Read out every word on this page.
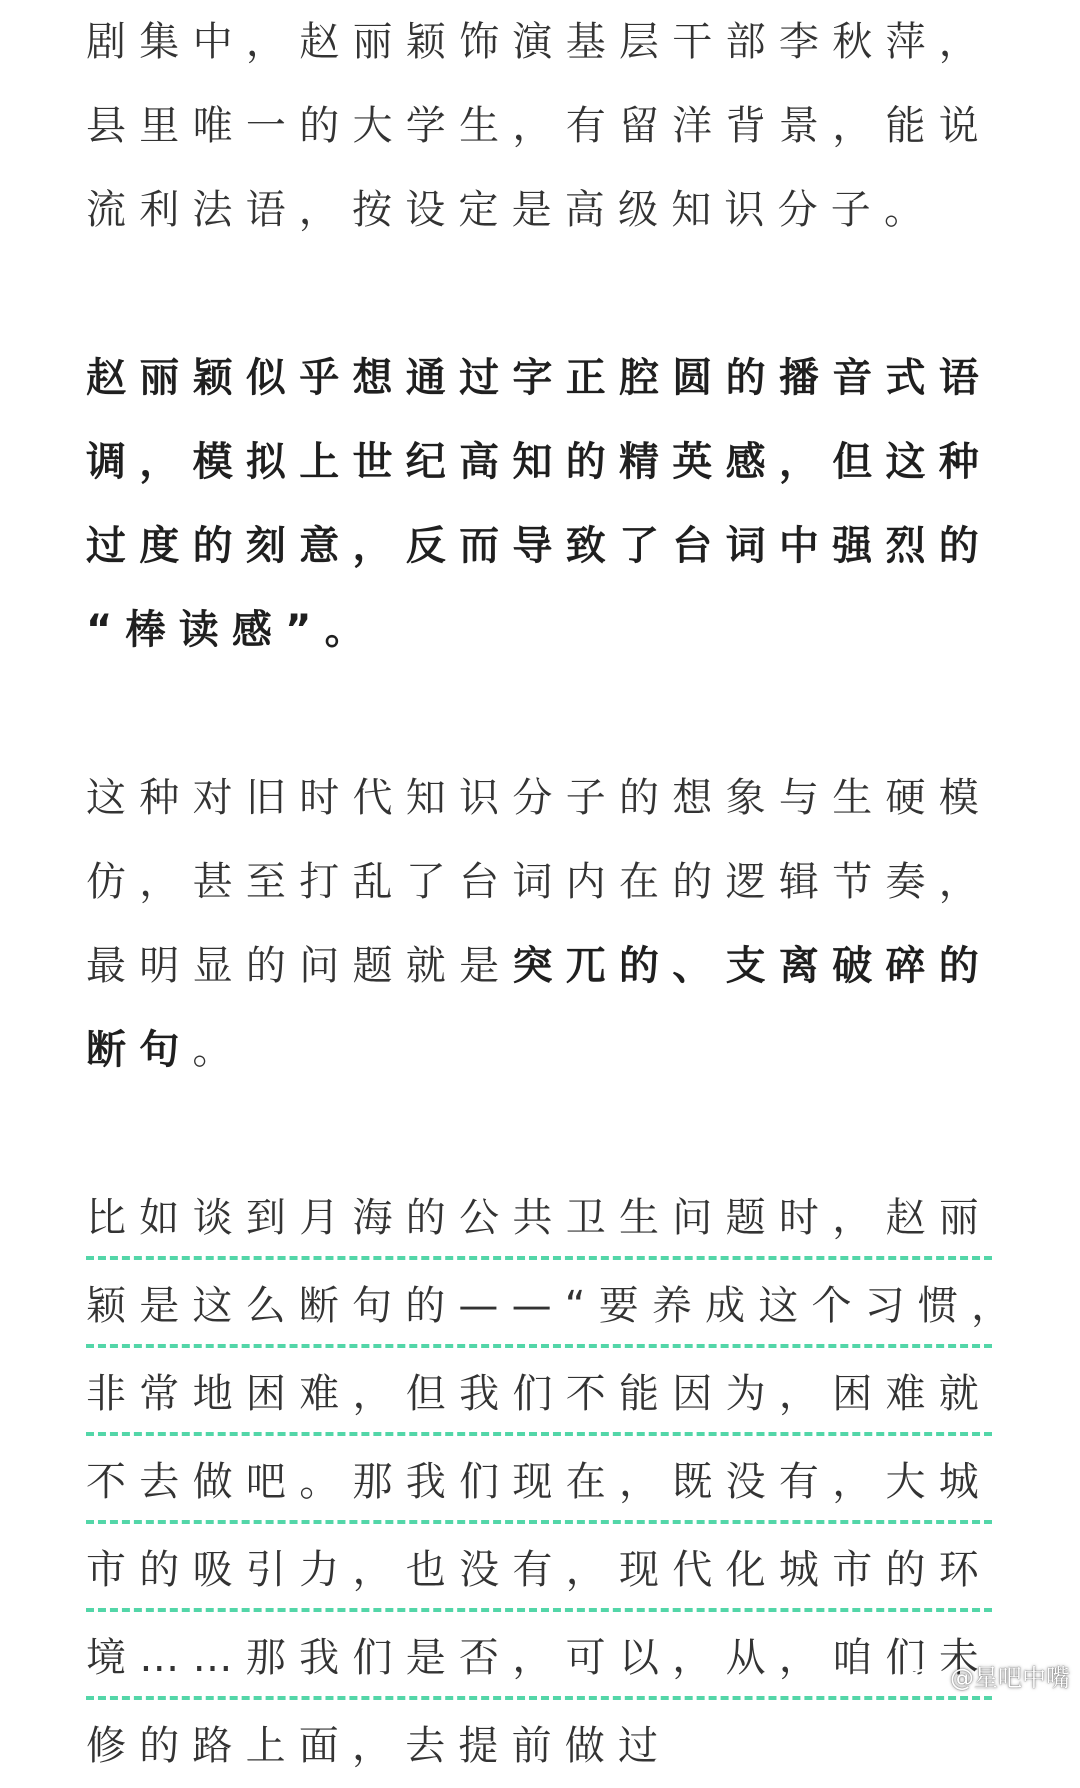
剧集中，赵丽颖饰演基层干部李秋萍，
县里唯一的大学生，有留洋背景，能说
流利法语，按设定是高级知识分子。

赵丽颖似乎想通过字正腔圆的播音式语
调，模拟上世纪高知的精英感，但这种
过度的刻意，反而导致了台词中强烈的
“棒读感”。

这种对旧时代知识分子的想象与生硬模
仿，甚至打乱了台词内在的逻辑节奏，
最明显的问题就是突兀的、支离破碎的
断句。

比如谈到月海的公共卫生问题时，赵丽
颖是这么断句的——“要养成这个习惯，
非常地困难，但我们不能因为，困难就
不去做吧。那我们现在，既没有，大城
市的吸引力，也没有，现代化城市的环
境……那我们是否，可以，从，咱们未
修的路上面，去提前做过

@星吧中嘴
